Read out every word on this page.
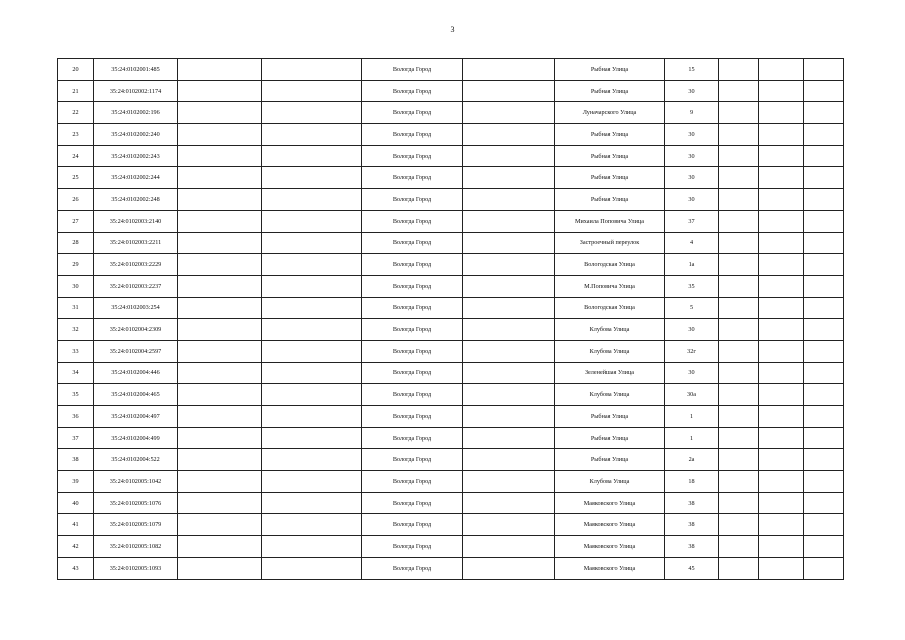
3
20	35:24:0102001:485			Вологда Город		Рыбная Улица	15			
21	35:24:0102002:1174			Вологда Город		Рыбная Улица	30			
22	35:24:0102002:196			Вологда Город		Луначарского Улица	9			
23	35:24:0102002:240			Вологда Город		Рыбная Улица	30			
24	35:24:0102002:243			Вологда Город		Рыбная Улица	30			
25	35:24:0102002:244			Вологда Город		Рыбная Улица	30			
26	35:24:0102002:248			Вологда Город		Рыбная Улица	30			
27	35:24:0102003:2140			Вологда Город		Михаила Поповича Улица	37			
28	35:24:0102003:2211			Вологда Город		Застроечный переулок	4			
29	35:24:0102003:2229			Вологда Город		Вологодская Улица	1а			
30	35:24:0102003:2237			Вологда Город		М.Поповича Улица	35			
31	35:24:0102003:254			Вологда Город		Вологодская Улица	5			
32	35:24:0102004:2309			Вологда Город		Клубова Улица	30			
33	35:24:0102004:2597			Вологда Город		Клубова Улица	32г			
34	35:24:0102004:446			Вологда Город		Зеленейшая Улица	30			
35	35:24:0102004:465			Вологда Город		Клубова Улица	30а			
36	35:24:0102004:497			Вологда Город		Рыбная Улица	1			
37	35:24:0102004:499			Вологда Город		Рыбная Улица	1			
38	35:24:0102004:522			Вологда Город		Рыбная Улица	2а			
39	35:24:0102005:1042			Вологда Город		Клубова Улица	18			
40	35:24:0102005:1076			Вологда Город		Маяковского Улица	38			
41	35:24:0102005:1079			Вологда Город		Маяковского Улица	38			
42	35:24:0102005:1082			Вологда Город		Маяковского Улица	38			
43	35:24:0102005:1093			Вологда Город		Маяковского Улица	45			
